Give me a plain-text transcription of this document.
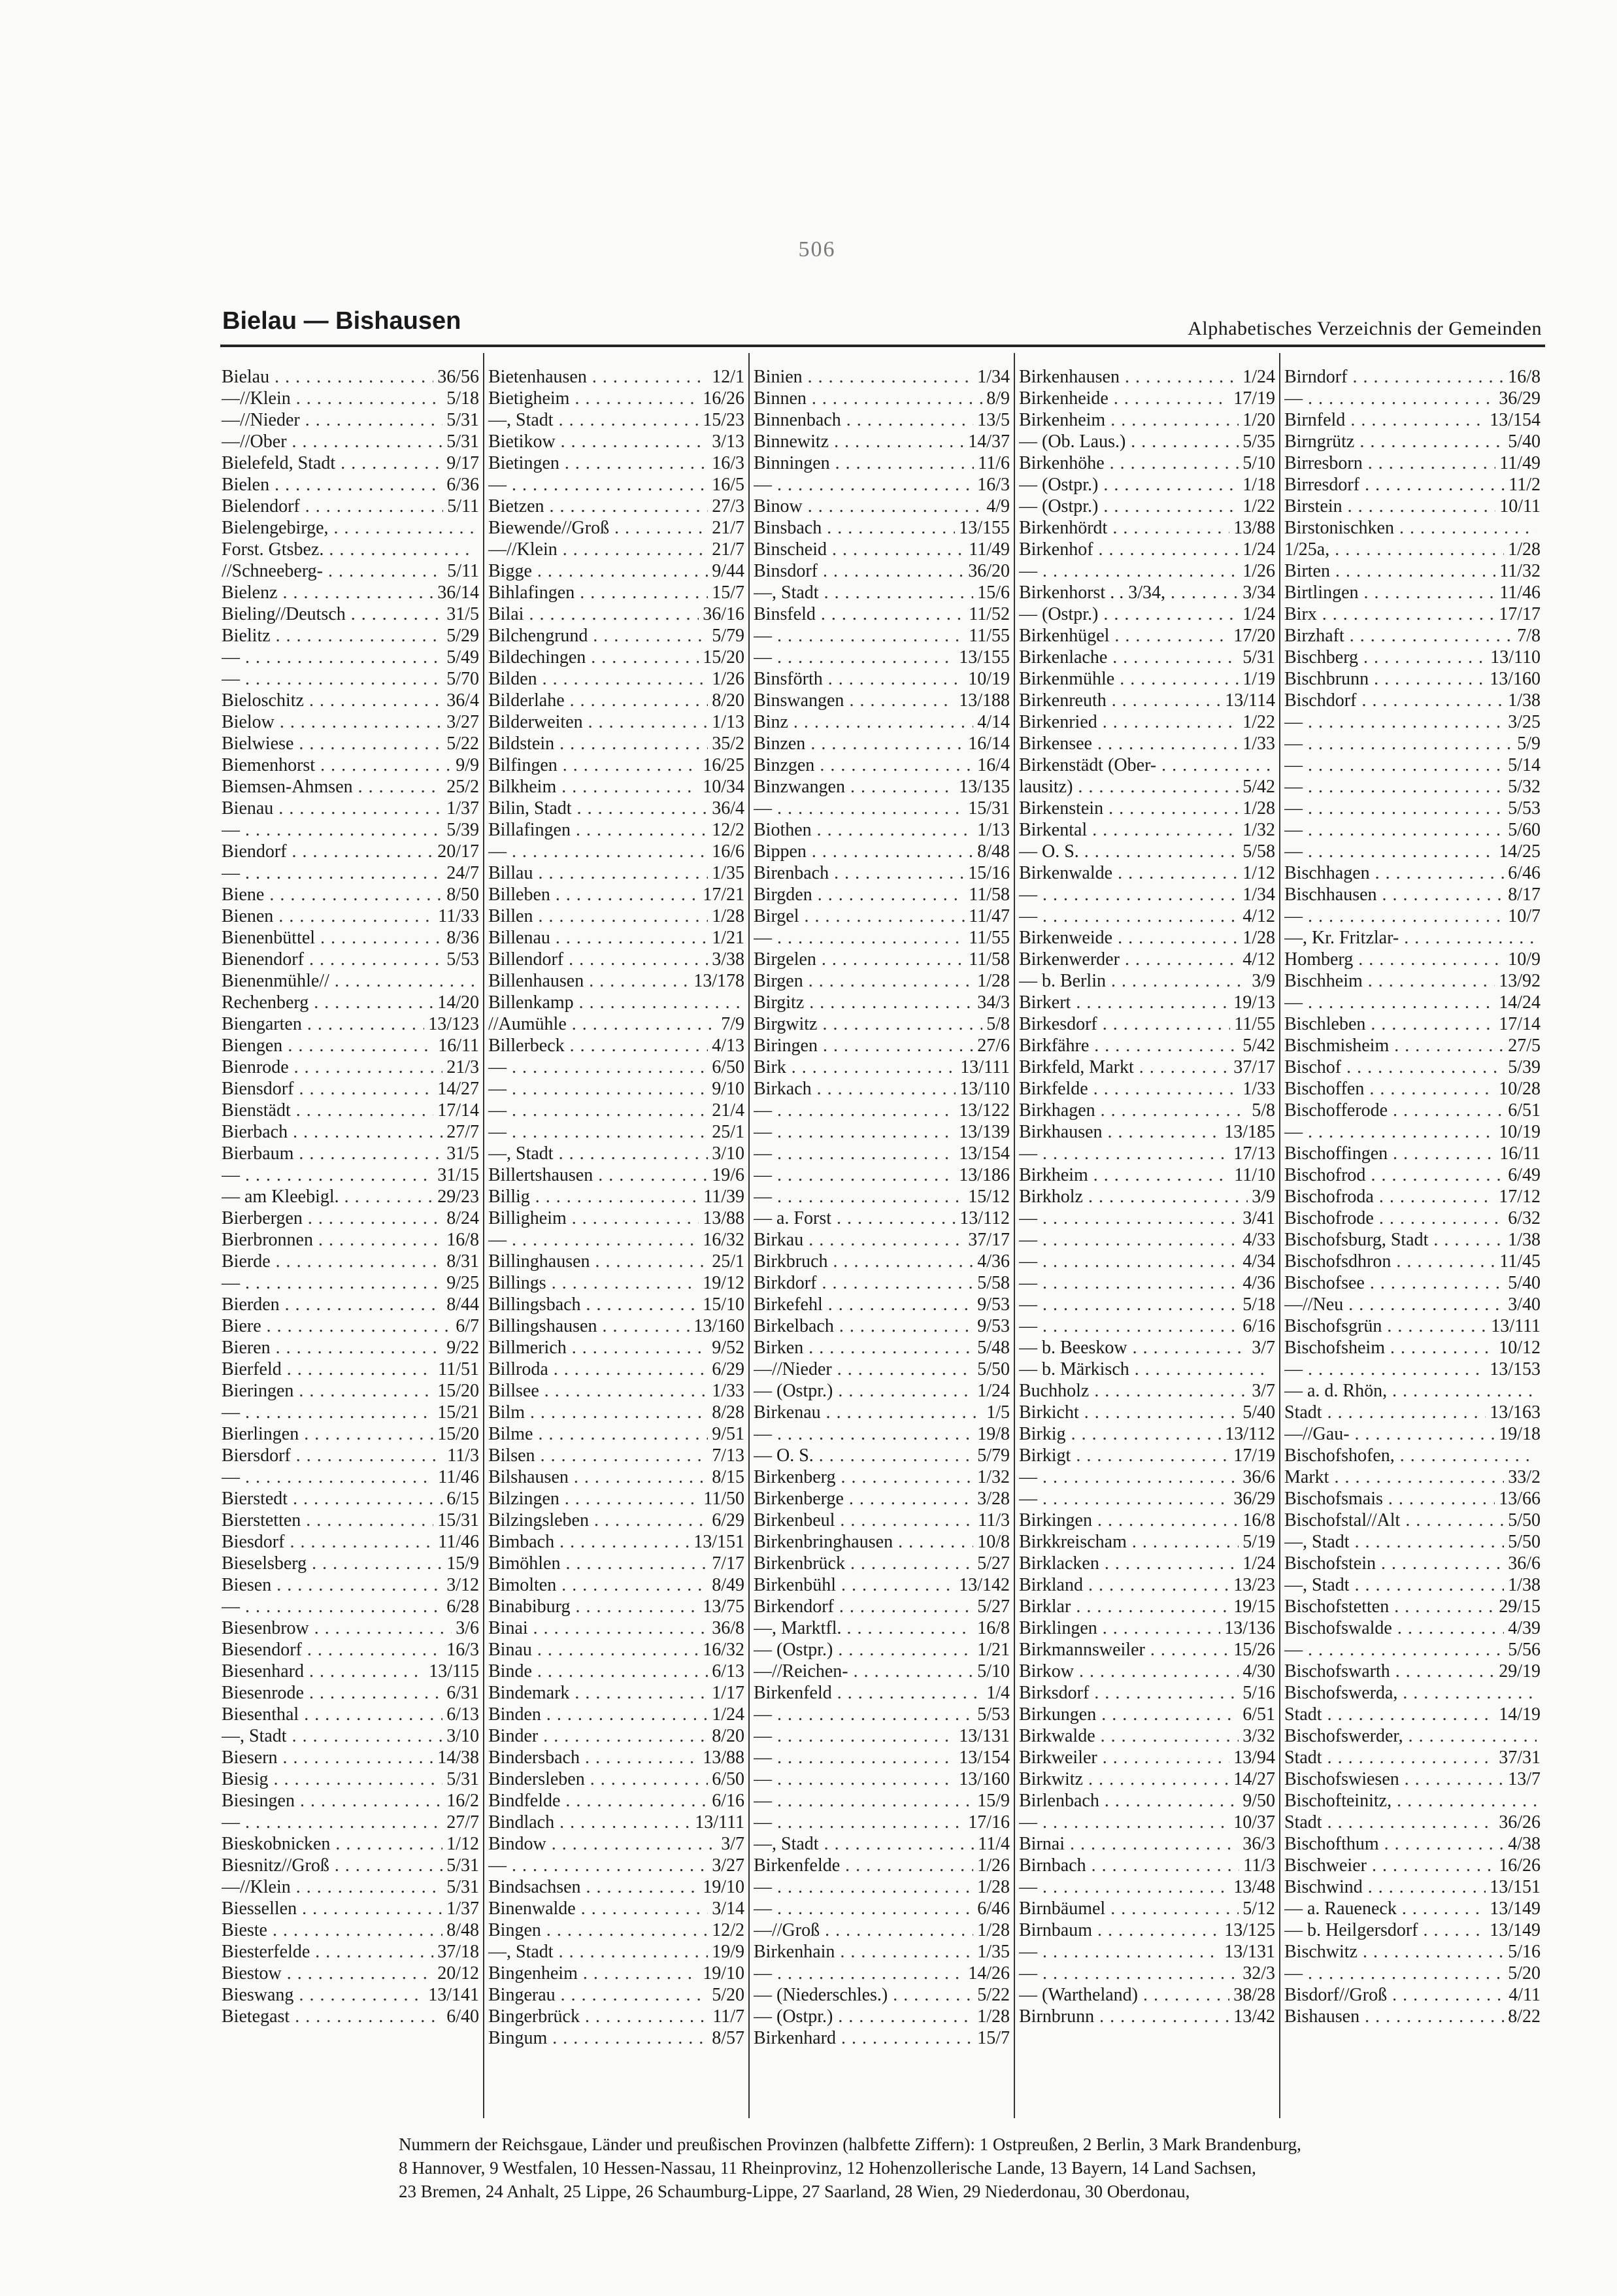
506
Bielau — Bishausen	Alphabetisches Verzeichnis der Gemeinden
Bielau . . .	36/56
—//Klein . . .	5/18
—//Nieder . . .	5/31
—//Ober . . .	5/31
Bielefeld, Stadt . . .	9/17
Bielen . . .	6/36
Bielendorf . . .	5/11
Bielengebirge, . . .
Forst. Gtsbez. . . .
//Schneeberg- . . .	5/11
Bielenz . . .	36/14
Bieling//Deutsch . . .	31/5
Bielitz . . .	5/29
— . . .	5/49
— . . .	5/70
Bieloschitz . . .	36/4
Bielow . . .	3/27
Bielwiese . . .	5/22
Biemenhorst . . .	9/9
Biemsen-Ahmsen . . .	25/2
Bienau . . .	1/37
— . . .	5/39
Biendorf . . .	20/17
— . . .	24/7
Biene . . .	8/50
Bienen . . .	11/33
Bienenbüttel . . .	8/36
Bienendorf . . .	5/53
Bienenmühle// . . .
Rechenberg . . .	14/20
Biengarten . . .	13/123
Biengen . . .	16/11
Bienrode . . .	21/3
Biensdorf . . .	14/27
Bienstädt . . .	17/14
Bierbach . . .	27/7
Bierbaum . . .	31/5
— . . .	31/15
— am Kleebigl. . . .	29/23
Bierbergen . . .	8/24
Bierbronnen . . .	16/8
Bierde . . .	8/31
— . . .	9/25
Bierden . . .	8/44
Biere . . .	6/7
Bieren . . .	9/22
Bierfeld . . .	11/51
Bieringen . . .	15/20
— . . .	15/21
Bierlingen . . .	15/20
Biersdorf . . .	11/3
— . . .	11/46
Bierstedt . . .	6/15
Bierstetten . . .	15/31
Biesdorf . . .	11/46
Bieselsberg . . .	15/9
Biesen . . .	3/12
— . . .	6/28
Biesenbrow . . .	3/6
Biesendorf . . .	16/3
Biesenhard . . .	13/115
Biesenrode . . .	6/31
Biesenthal . . .	6/13
—, Stadt . . .	3/10
Biesern . . .	14/38
Biesig . . .	5/31
Biesingen . . .	16/2
— . . .	27/7
Bieskobnicken . . .	1/12
Biesnitz//Groß . . .	5/31
—//Klein . . .	5/31
Biessellen . . .	1/37
Bieste . . .	8/48
Biesterfelde . . .	37/18
Biestow . . .	20/12
Bieswang . . .	13/141
Bietegast . . .	6/40
Bietenhausen . . .	12/1
Bietigheim . . .	16/26
—, Stadt . . .	15/23
Bietikow . . .	3/13
Bietingen . . .	16/3
— . . .	16/5
Bietzen . . .	27/3
Biewende//Groß . . .	21/7
—//Klein . . .	21/7
Bigge . . .	9/44
Bihlafingen . . .	15/7
Bilai . . .	36/16
Bilchengrund . . .	5/79
Bildechingen . . .	15/20
Bilden . . .	1/26
Bilderlahe . . .	8/20
Bilderweiten . . .	1/13
Bildstein . . .	35/2
Bilfingen . . .	16/25
Bilkheim . . .	10/34
Bilin, Stadt . . .	36/4
Billafingen . . .	12/2
— . . .	16/6
Billau . . .	1/35
Billeben . . .	17/21
Billen . . .	1/28
Billenau . . .	1/21
Billendorf . . .	3/38
Billenhausen . . .	13/178
Billenkamp . . .
//Aumühle . . .	7/9
Billerbeck . . .	4/13
— . . .	6/50
— . . .	9/10
— . . .	21/4
— . . .	25/1
—, Stadt . . .	3/10
Billertshausen . . .	19/6
Billig . . .	11/39
Billigheim . . .	13/88
— . . .	16/32
Billinghausen . . .	25/1
Billings . . .	19/12
Billingsbach . . .	15/10
Billingshausen . . .	13/160
Billmerich . . .	9/52
Billroda . . .	6/29
Billsee . . .	1/33
Bilm . . .	8/28
Bilme . . .	9/51
Bilsen . . .	7/13
Bilshausen . . .	8/15
Bilzingen . . .	11/50
Bilzingsleben . . .	6/29
Bimbach . . .	13/151
Bimöhlen . . .	7/17
Bimolten . . .	8/49
Binabiburg . . .	13/75
Binai . . .	36/8
Binau . . .	16/32
Binde . . .	6/13
Bindemark . . .	1/17
Binden . . .	1/24
Binder . . .	8/20
Bindersbach . . .	13/88
Bindersleben . . .	6/50
Bindfelde . . .	6/16
Bindlach . . .	13/111
Bindow . . .	3/7
— . . .	3/27
Bindsachsen . . .	19/10
Binenwalde . . .	3/14
Bingen . . .	12/2
—, Stadt . . .	19/9
Bingenheim . . .	19/10
Bingerau . . .	5/20
Bingerbrück . . .	11/7
Bingum . . .	8/57
Binien . . .	1/34
Binnen . . .	8/9
Binnenbach . . .	13/5
Binnewitz . . .	14/37
Binningen . . .	11/6
— . . .	16/3
Binow . . .	4/9
Binsbach . . .	13/155
Binscheid . . .	11/49
Binsdorf . . .	36/20
—, Stadt . . .	15/6
Binsfeld . . .	11/52
— . . .	11/55
— . . .	13/155
Binsförth . . .	10/19
Binswangen . . .	13/188
Binz . . .	4/14
Binzen . . .	16/14
Binzgen . . .	16/4
Binzwangen . . .	13/135
— . . .	15/31
Biothen . . .	1/13
Bippen . . .	8/48
Birenbach . . .	15/16
Birgden . . .	11/58
Birgel . . .	11/47
— . . .	11/55
Birgelen . . .	11/58
Birgen . . .	1/28
Birgitz . . .	34/3
Birgwitz . . .	5/8
Biringen . . .	27/6
Birk . . .	13/111
Birkach . . .	13/110
— . . .	13/122
— . . .	13/139
— . . .	13/154
— . . .	13/186
— . . .	15/12
— a. Forst . . .	13/112
Birkau . . .	37/17
Birkbruch . . .	4/36
Birkdorf . . .	5/58
Birkefehl . . .	9/53
Birkelbach . . .	9/53
Birken . . .	5/48
—//Nieder . . .	5/50
— (Ostpr.) . . .	1/24
Birkenau . . .	1/5
— . . .	19/8
— O. S. . . .	5/79
Birkenberg . . .	1/32
Birkenberge . . .	3/28
Birkenbeul . . .	11/3
Birkenbringhausen . . .	10/8
Birkenbrück . . .	5/27
Birkenbühl . . .	13/142
Birkendorf . . .	5/27
—, Marktfl. . . .	16/8
— (Ostpr.) . . .	1/21
—//Reichen- . . .	5/10
Birkenfeld . . .	1/4
— . . .	5/53
— . . .	13/131
— . . .	13/154
— . . .	13/160
— . . .	15/9
— . . .	17/16
—, Stadt . . .	11/4
Birkenfelde . . .	1/26
— . . .	1/28
— . . .	6/46
—//Groß . . .	1/28
Birkenhain . . .	1/35
— . . .	14/26
— (Niederschles.) . . .	5/22
— (Ostpr.) . . .	1/28
Birkenhard . . .	15/7
Birkenhausen . . .	1/24
Birkenheide . . .	17/19
Birkenheim . . .	1/20
— (Ob. Laus.) . . .	5/35
Birkenhöhe . . .	5/10
— (Ostpr.) . . .	1/18
— (Ostpr.) . . .	1/22
Birkenhördt . . .	13/88
Birkenhof . . .	1/24
— . . .	1/26
Birkenhorst . . 3/34, . . .	3/34
— (Ostpr.) . . .	1/24
Birkenhügel . . .	17/20
Birkenlache . . .	5/31
Birkenmühle . . .	1/19
Birkenreuth . . .	13/114
Birkenried . . .	1/22
Birkensee . . .	1/33
Birkenstädt (Ober- . . .
lausitz) . . .	5/42
Birkenstein . . .	1/28
Birkental . . .	1/32
— O. S. . . .	5/58
Birkenwalde . . .	1/12
— . . .	1/34
— . . .	4/12
Birkenweide . . .	1/28
Birkenwerder . . .	4/12
— b. Berlin . . .	3/9
Birkert . . .	19/13
Birkesdorf . . .	11/55
Birkfähre . . .	5/42
Birkfeld, Markt . . .	37/17
Birkfelde . . .	1/33
Birkhagen . . .	5/8
Birkhausen . . .	13/185
— . . .	17/13
Birkheim . . .	11/10
Birkholz . . .	3/9
— . . .	3/41
— . . .	4/33
— . . .	4/34
— . . .	4/36
— . . .	5/18
— . . .	6/16
— b. Beeskow . . .	3/7
— b. Märkisch . . .
Buchholz . . .	3/7
Birkicht . . .	5/40
Birkig . . .	13/112
Birkigt . . .	17/19
— . . .	36/6
— . . .	36/29
Birkingen . . .	16/8
Birkkreischam . . .	5/19
Birklacken . . .	1/24
Birkland . . .	13/23
Birklar . . .	19/15
Birklingen . . .	13/136
Birkmannsweiler . . .	15/26
Birkow . . .	4/30
Birksdorf . . .	5/16
Birkungen . . .	6/51
Birkwalde . . .	3/32
Birkweiler . . .	13/94
Birkwitz . . .	14/27
Birlenbach . . .	9/50
— . . .	10/37
Birnai . . .	36/3
Birnbach . . .	11/3
— . . .	13/48
Birnbäumel . . .	5/12
Birnbaum . . .	13/125
— . . .	13/131
— . . .	32/3
— (Wartheland) . . .	38/28
Birnbrunn . . .	13/42
Birndorf . . .	16/8
— . . .	36/29
Birnfeld . . .	13/154
Birngrütz . . .	5/40
Birresborn . . .	11/49
Birresdorf . . .	11/2
Birstein . . .	10/11
Birstonischken . . .
1/25a, . . .	1/28
Birten . . .	11/32
Birtlingen . . .	11/46
Birx . . .	17/17
Birzhaft . . .	7/8
Bischberg . . .	13/110
Bischbrunn . . .	13/160
Bischdorf . . .	1/38
— . . .	3/25
— . . .	5/9
— . . .	5/14
— . . .	5/32
— . . .	5/53
— . . .	5/60
— . . .	14/25
Bischhagen . . .	6/46
Bischhausen . . .	8/17
— . . .	10/7
—, Kr. Fritzlar- . . .
Homberg . . .	10/9
Bischheim . . .	13/92
— . . .	14/24
Bischleben . . .	17/14
Bischmisheim . . .	27/5
Bischof . . .	5/39
Bischoffen . . .	10/28
Bischofferode . . .	6/51
— . . .	10/19
Bischoffingen . . .	16/11
Bischofrod . . .	6/49
Bischofroda . . .	17/12
Bischofrode . . .	6/32
Bischofsburg, Stadt . . .	1/38
Bischofsdhron . . .	11/45
Bischofsee . . .	5/40
—//Neu . . .	3/40
Bischofsgrün . . .	13/111
Bischofsheim . . .	10/12
— . . .	13/153
— a. d. Rhön, . . .
Stadt . . .	13/163
—//Gau- . . .	19/18
Bischofshofen, . . .
Markt . . .	33/2
Bischofsmais . . .	13/66
Bischofstal//Alt . . .	5/50
—, Stadt . . .	5/50
Bischofstein . . .	36/6
—, Stadt . . .	1/38
Bischofstetten . . .	29/15
Bischofswalde . . .	4/39
— . . .	5/56
Bischofswarth . . .	29/19
Bischofswerda, . . .
Stadt . . .	14/19
Bischofswerder, . . .
Stadt . . .	37/31
Bischofswiesen . . .	13/7
Bischofteinitz, . . .
Stadt . . .	36/26
Bischofthum . . .	4/38
Bischweier . . .	16/26
Bischwind . . .	13/151
— a. Raueneck . . .	13/149
— b. Heilgersdorf . . .	13/149
Bischwitz . . .	5/16
— . . .	5/20
Bisdorf//Groß . . .	4/11
Bishausen . . .	8/22
Nummern der Reichsgaue, Länder und preußischen Provinzen (halbfette Ziffern): 1 Ostpreußen, 2 Berlin, 3 Mark Brandenburg,
8 Hannover, 9 Westfalen, 10 Hessen-Nassau, 11 Rheinprovinz, 12 Hohenzollerische Lande, 13 Bayern, 14 Land Sachsen,
23 Bremen, 24 Anhalt, 25 Lippe, 26 Schaumburg-Lippe, 27 Saarland, 28 Wien, 29 Niederdonau, 30 Oberdonau,
